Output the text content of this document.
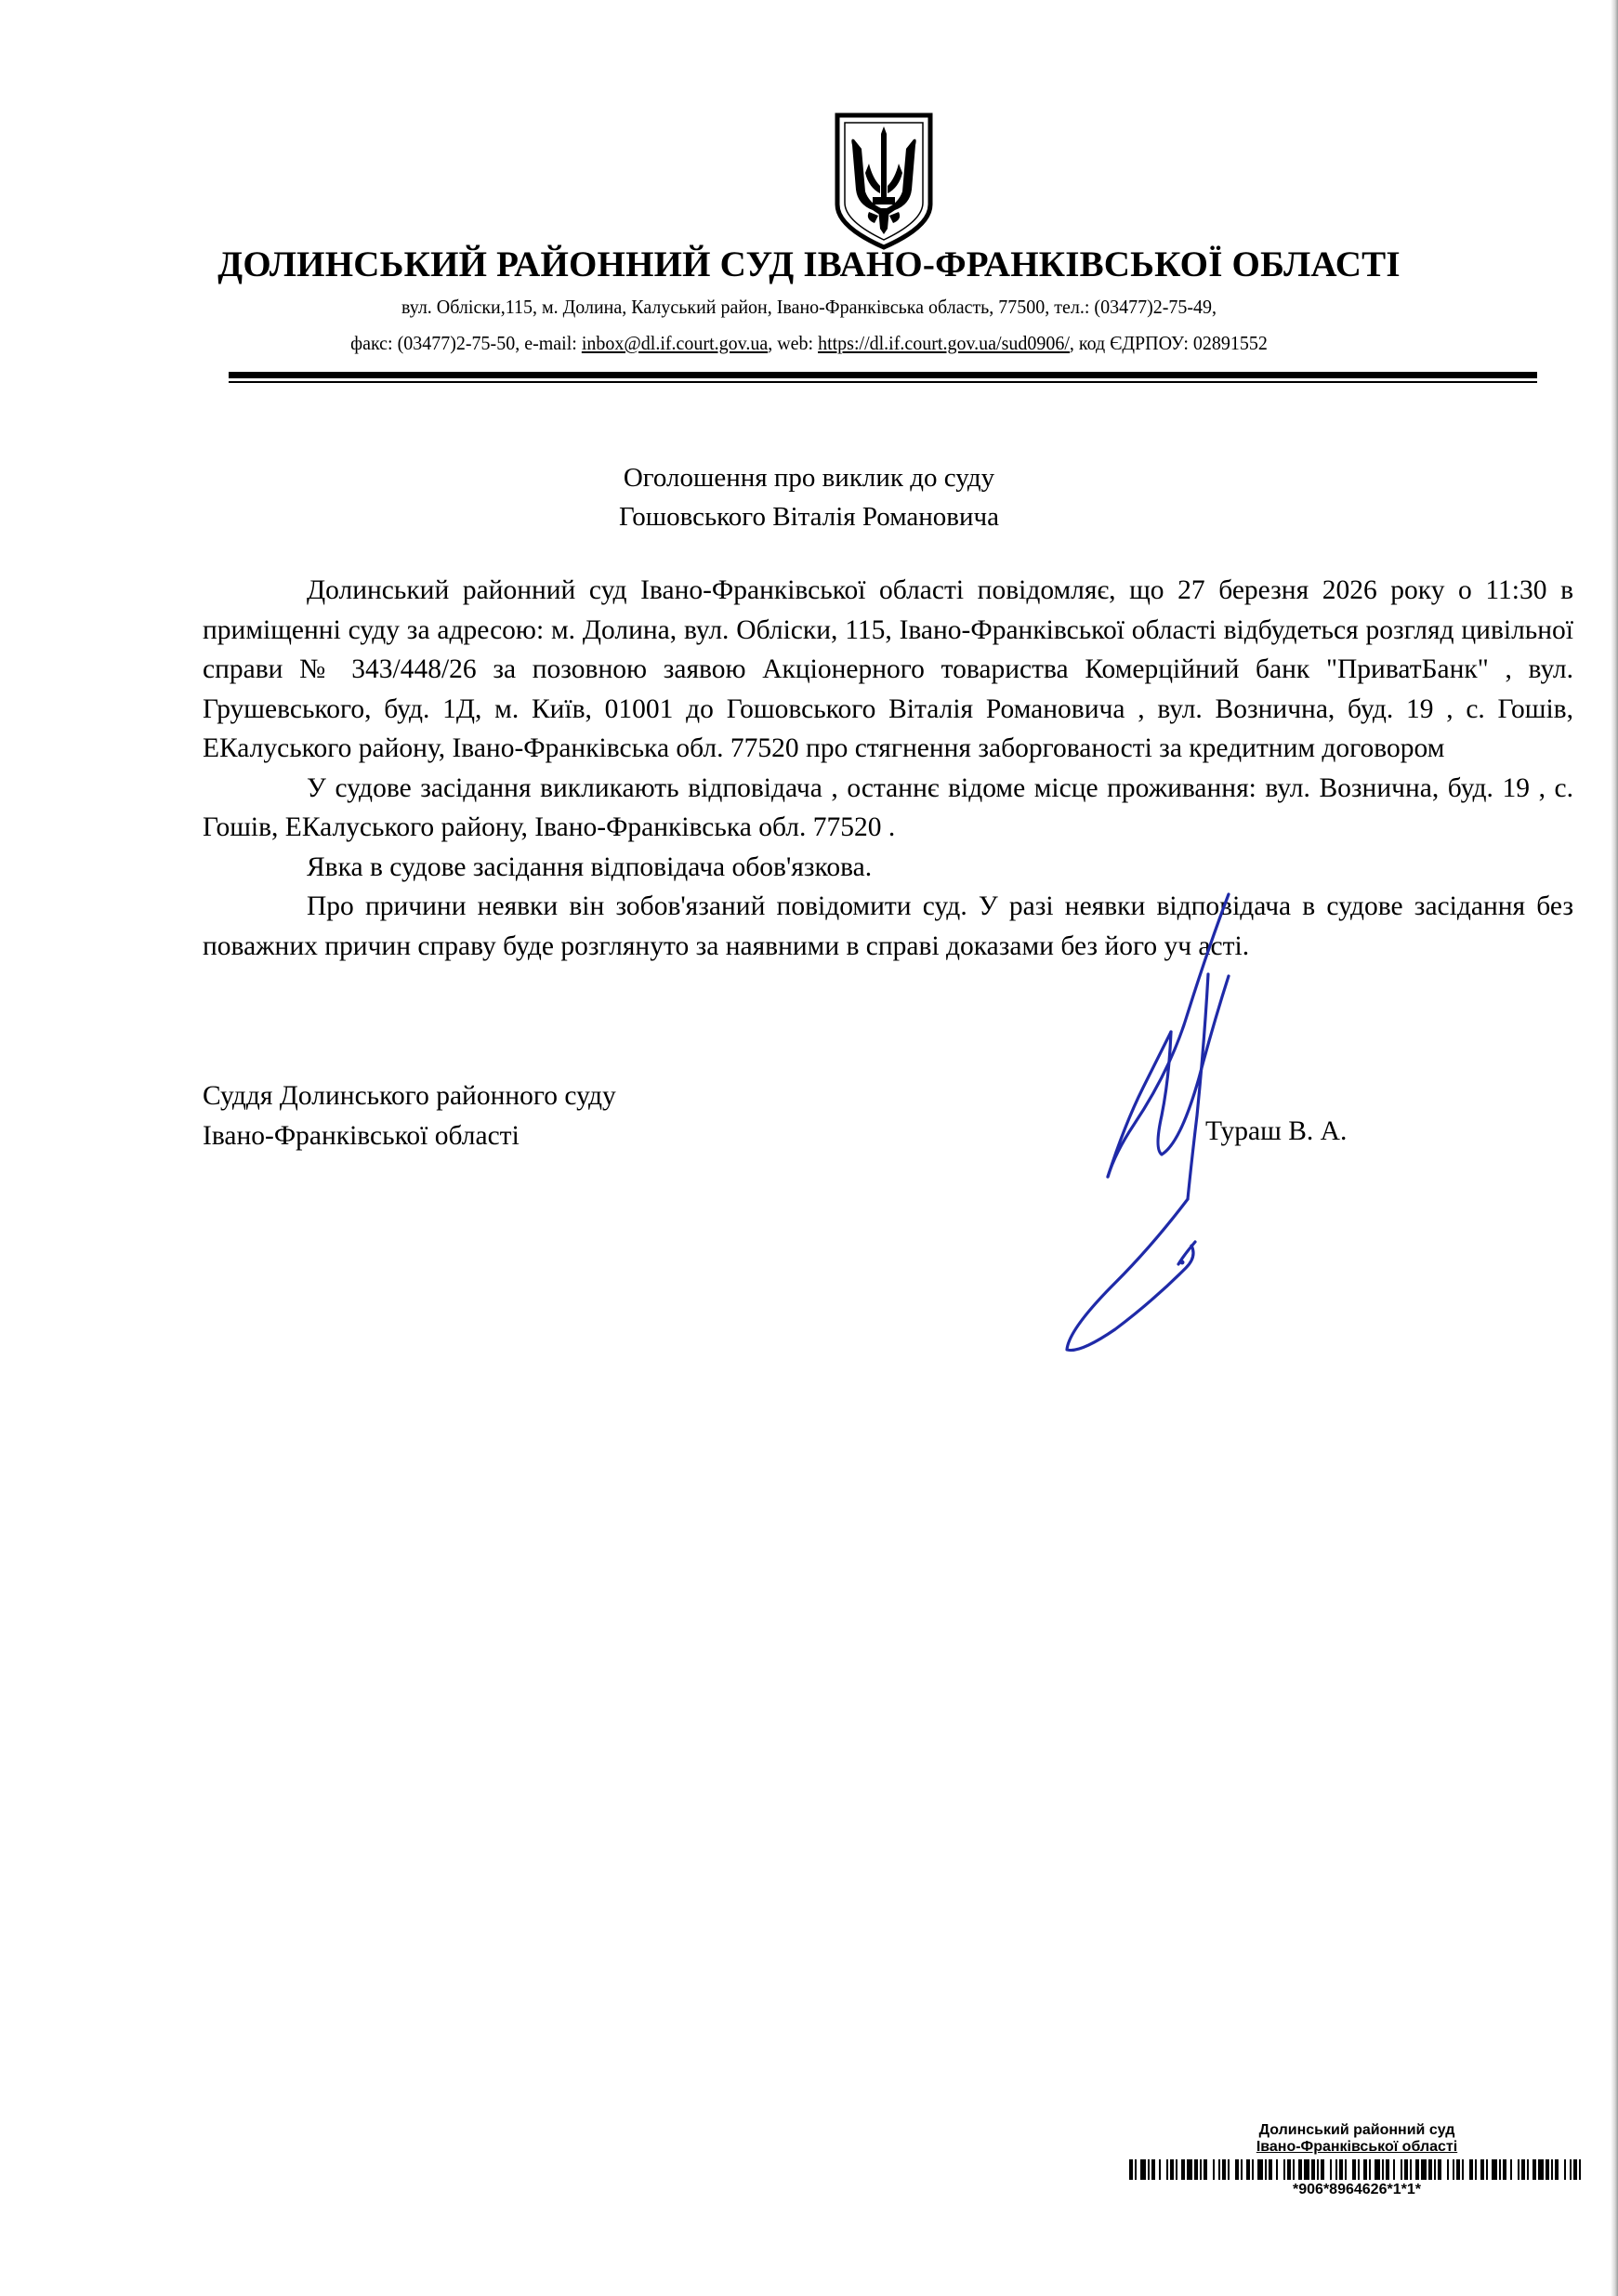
ДОЛИНСЬКИЙ РАЙОННИЙ СУД ІВАНО-ФРАНКІВСЬКОЇ ОБЛАСТІ

вул. Обліски,115, м. Долина, Калуський район, Івано-Франківська область, 77500, тел.: (03477)2-75-49,

факс: (03477)2-75-50, e-mail: inbox@dl.if.court.gov.ua, web: https://dl.if.court.gov.ua/sud0906/, код ЄДРПОУ: 02891552

Оголошення про виклик до суду

Гошовського Віталія Романовича

Долинський районний суд Івано-Франківської області повідомляє, що 27 березня 2026 року о 11:30 в приміщенні суду за адресою: м. Долина, вул. Обліски, 115, Івано-Франківської області відбудеться розгляд цивільної справи № 343/448/26 за позовною заявою Акціонерного товариства Комерційний банк "ПриватБанк" , вул. Грушевського, буд. 1Д, м. Київ, 01001 до Гошовського Віталія Романовича , вул. Вознична, буд. 19 , с. Гошів, ЕКалуського району, Івано-Франківська обл. 77520 про стягнення заборгованості за кредитним договором

У судове засідання викликають відповідача , останнє відоме місце проживання: вул. Вознична, буд. 19 , с. Гошів, ЕКалуського району, Івано-Франківська обл. 77520 .

Явка в судове засідання відповідача обов'язкова.

Про причини неявки він зобов'язаний повідомити суд. У разі неявки відповідача в судове засідання без поважних причин справу буде розглянуто за наявними в справі доказами без його уч асті.

Суддя Долинського районного суду
Івано-Франківської області	Тураш В. А.
Долинський районний суд
Івано-Франківської області
*906*8964626*1*1*
